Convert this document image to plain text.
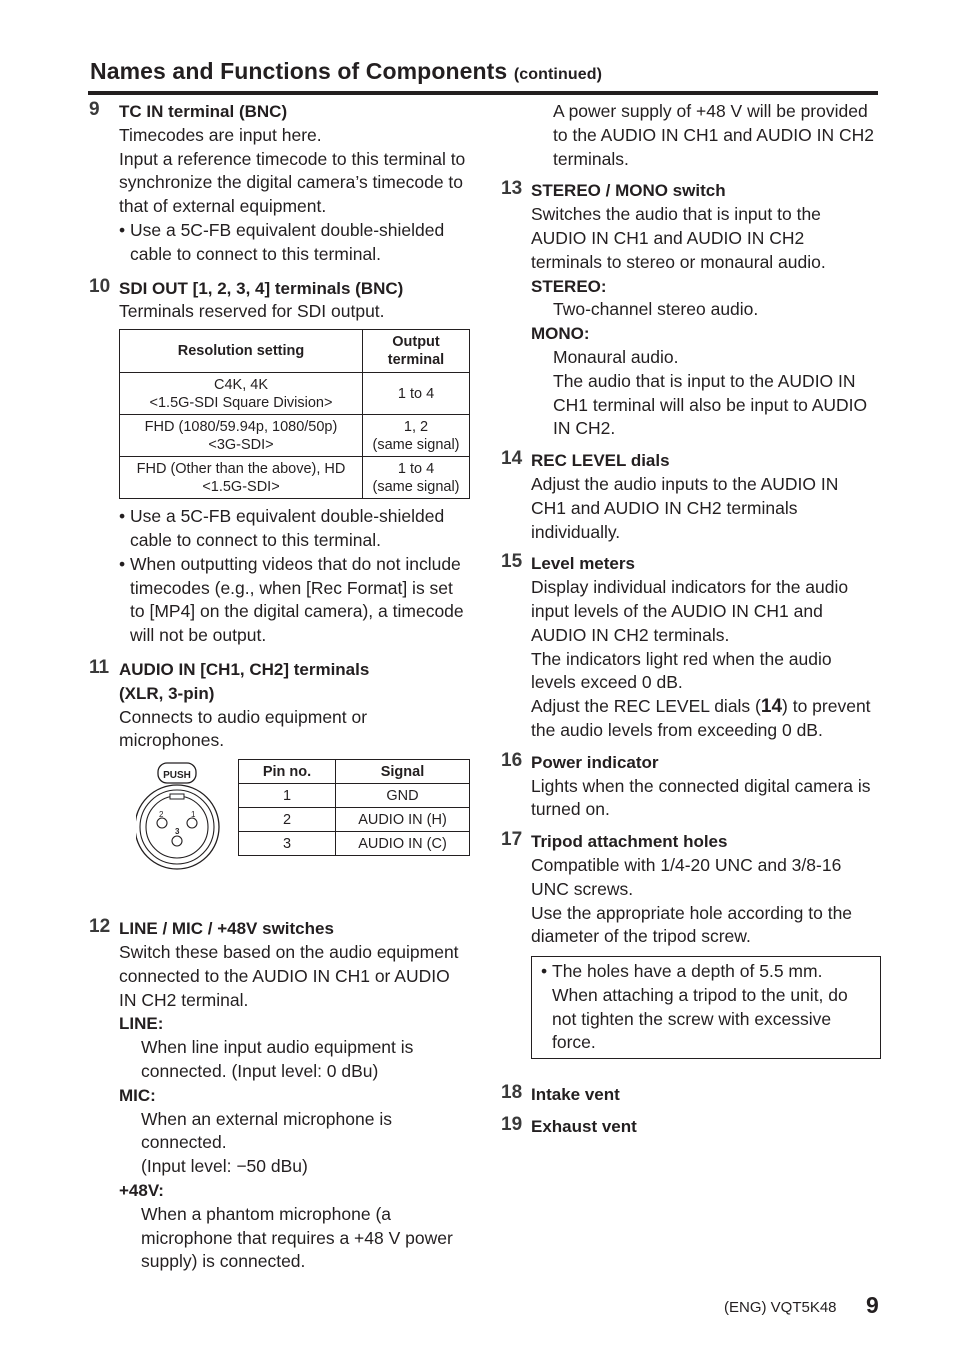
Names and Functions of Components (continued)
9 TC IN terminal (BNC)
Timecodes are input here.
Input a reference timecode to this terminal to synchronize the digital camera’s timecode to that of external equipment.
• Use a 5C-FB equivalent double-shielded cable to connect to this terminal.
10 SDI OUT [1, 2, 3, 4] terminals (BNC)
Terminals reserved for SDI output.
Resolution setting	Output
terminal
C4K, 4K
<1.5G-SDI Square Division>	1 to 4
FHD (1080/59.94p, 1080/50p)
<3G-SDI>	1, 2
(same signal)
FHD (Other than the above), HD
<1.5G-SDI>	1 to 4
(same signal)
• Use a 5C-FB equivalent double-shielded cable to connect to this terminal.
• When outputting videos that do not include timecodes (e.g., when [Rec Format] is set to [MP4] on the digital camera), a timecode will not be output.
11 AUDIO IN [CH1, CH2] terminals
(XLR, 3-pin)
Connects to audio equipment or microphones.
PUSH
2	1
3
Pin no.	Signal
1	GND
2	AUDIO IN (H)
3	AUDIO IN (C)
12 LINE / MIC / +48V switches
Switch these based on the audio equipment connected to the AUDIO IN CH1 or AUDIO IN CH2 terminal.
LINE:
When line input audio equipment is connected. (Input level: 0 dBu)
MIC:
When an external microphone is connected.
(Input level: −50 dBu)
+48V:
When a phantom microphone (a microphone that requires a +48 V power supply) is connected.
A power supply of +48 V will be provided to the AUDIO IN CH1 and AUDIO IN CH2 terminals.
13 STEREO / MONO switch
Switches the audio that is input to the AUDIO IN CH1 and AUDIO IN CH2 terminals to stereo or monaural audio.
STEREO:
Two-channel stereo audio.
MONO:
Monaural audio.
The audio that is input to the AUDIO IN CH1 terminal will also be input to AUDIO IN CH2.
14 REC LEVEL dials
Adjust the audio inputs to the AUDIO IN CH1 and AUDIO IN CH2 terminals individually.
15 Level meters
Display individual indicators for the audio input levels of the AUDIO IN CH1 and AUDIO IN CH2 terminals.
The indicators light red when the audio levels exceed 0 dB.
Adjust the REC LEVEL dials (14) to prevent the audio levels from exceeding 0 dB.
16 Power indicator
Lights when the connected digital camera is turned on.
17 Tripod attachment holes
Compatible with 1/4-20 UNC and 3/8-16 UNC screws.
Use the appropriate hole according to the diameter of the tripod screw.
• The holes have a depth of 5.5 mm. When attaching a tripod to the unit, do not tighten the screw with excessive force.
18 Intake vent
19 Exhaust vent
(ENG) VQT5K48 9
